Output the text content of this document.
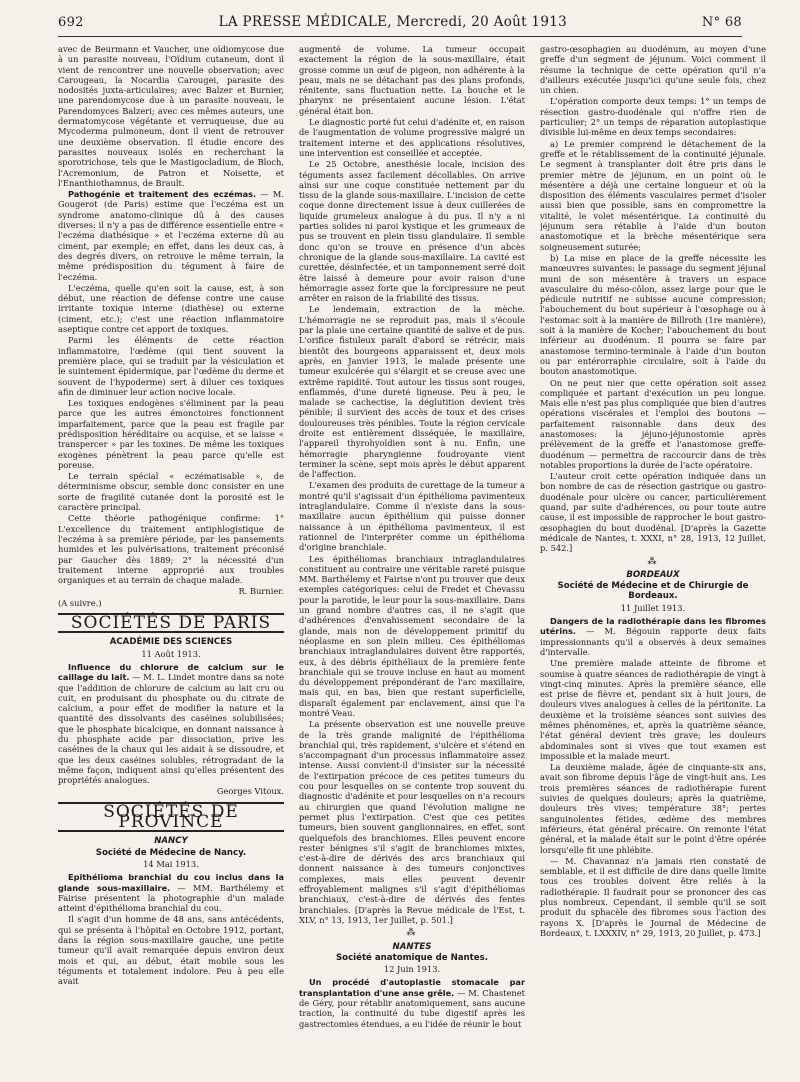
692	LA PRESSE MÉDICALE, Mercredi, 20 Août 1913	N° 68

avec de Beurmann et Vaucher, une oïdiomycose due à un parasite nouveau, l'Oïdium cutaneum, dont il vient de rencontrer une nouvelle observation; avec Carougeau, la Nocardia Carougei, parasite des nodosités juxta-articulaires; avec Balzer et Burnier, une parendomycose due à un parasite nouveau, le Parendomyces Balzeri; avec ces mêmes auteurs, une dermatomycose végétante et verruqueuse, due au Mycoderma pulmoneum, dont il vient de retrouver une deuxième observation. Il étudie encore des parasites nouveaux isolés en recherchant la sporotrichose, tels que le Mastigocladium, de Bloch, l'Acremonium, de Patron et Noisette, et l'Enanthiothamnus, de Brault.

Pathogénie et traitement des eczémas. — M. Gougerot (de Paris) estime que l'eczéma est un syndrome anatomo-clinique dû à des causes diverses: il n'y a pas de différence essentielle entre « l'eczéma diathésique » et l'eczéma externe dû au ciment, par exemple; en effet, dans les deux cas, à des degrés divers, on retrouve le même terrain, la même prédisposition du tégument à faire de l'eczéma.

L'eczéma, quelle qu'en soit la cause, est, à son début, une réaction de défense contre une cause irritante toxique interne (diathèse) ou externe (ciment, etc.); c'est une réaction inflammatoire aseptique contre cet apport de toxiques.

Parmi les éléments de cette réaction inflammatoire, l'œdème (qui tient souvent la première place, qui se traduit par la vésiculation et le suintement épidermique, par l'œdème du derme et souvent de l'hypoderme) sert à diluer ces toxiques afin de diminuer leur action nocive locale.

Les toxiques endogènes s'éliminent par la peau parce que les autres émonctoires fonctionnent imparfaitement, parce que la peau est fragile par prédisposition héréditaire ou acquise, et se laisse « transpercer » par les toxines. De même les toxiques exogènes pénètrent la peau parce qu'elle est poreuse.

Le terrain spécial « eczématisable », de déterminisme obscur, semble donc consister en une sorte de fragilité cutanée dont la porosité est le caractère principal.

Cette théorie pathogénique confirme: 1° L'excellence du traitement antiphlogistique de l'eczéma à sa première période, par les pansements humides et les pulvérisations, traitement préconisé par Gaucher dès 1889; 2° la nécessité d'un traitement interne approprié aux troubles organiques et au terrain de chaque malade.

R. Burnier.

(A suivre.)

SOCIÉTÉS DE PARIS
ACADÉMIE DES SCIENCES
11 Août 1913.

Influence du chlorure de calcium sur le caillage du lait. — M. L. Lindet montre dans sa note que l'addition de chlorure de calcium au lait cru ou cuit, en produisant du phosphate ou du citrate de calcium, a pour effet de modifier la nature et la quantité des dissolvants des caséines solubilisées; que le phosphate bicalcique, en donnant naissance à du phosphate acide par dissociation, prive les caséines de la chaux qui les aidait à se dissoudre, et que les deux caséines solubles, rétrogradant de la même façon, indiquent ainsi qu'elles présentent des propriétés analogues.

Georges Vitoux.

SOCIÉTÉS DE PROVINCE
NANCY
Société de Médecine de Nancy.
14 Mai 1913.

Epithélioma branchial du cou inclus dans la glande sous-maxillaire. — MM. Barthélemy et Fairise présentent la photographie d'un malade atteint d'épithélioma branchial du cou.

Il s'agit d'un homme de 48 ans, sans antécédents, qui se présenta à l'hôpital en Octobre 1912, portant, dans la région sous-maxillaire gauche, une petite tumeur qu'il avait remarquée depuis environ deux mois et qui, au début, était mobile sous les téguments et totalement indolore. Peu à peu elle avait

augmenté de volume. La tumeur occupait exactement la région de la sous-maxillaire, était grosse comme un œuf de pigeon, non adhérente à la peau, mais ne se détachant pas des plans profonds, rénitente, sans fluctuation nette. La bouche et le pharynx ne présentaient aucune lésion. L'état général était bon.

Le diagnostic porté fut celui d'adénite et, en raison de l'augmentation de volume progressive malgré un traitement interne et des applications résolutives, une intervention est conseillée et acceptée.

Le 25 Octobre, anesthésie locale, incision des téguments assez facilement décollables. On arrive ainsi sur une coque constituée nettement par du tissu de la glande sous-maxillaire. L'incision de cette coque donne directement issue à deux cuillerées de liquide grumeleux analogue à du pus. Il n'y a ni parties solides ni paroi kystique et les grumeaux de pus se trouvent en plein tissu glandulaire. Il semble donc qu'on se trouve en présence d'un abcès chronique de la glande sous-maxillaire. La cavité est curettée, désinfectée, et un tamponnement serré doit être laissé à demeure pour avoir raison d'une hémorragie assez forte que la forcipressure ne peut arrêter en raison de la friabilité des tissus.

Le lendemain, extraction de la mèche. L'hémorragie ne se reproduit pas, mais il s'écoule par la plaie une certaine quantité de salive et de pus. L'orifice fistuleux paraît d'abord se rétrécir, mais bientôt des bourgeons apparaissent et, deux mois après, en Janvier 1913, le malade présente une tumeur exulcérée qui s'élargit et se creuse avec une extrême rapidité. Tout autour les tissus sont rouges, enflammés, d'une dureté ligneuse. Peu à peu, le malade se cachectise, la déglutition devient très pénible; il survient des accès de toux et des crises douloureuses très pénibles. Toute la région cervicale droite est entièrement disséquée, le maxillaire, l'appareil thyrohyoïdien sont à nu. Enfin, une hémorragie pharyngienne foudroyante vient terminer la scène, sept mois après le début apparent de l'affection.

L'examen des produits de curettage de la tumeur a montré qu'il s'agissait d'un épithélioma pavimenteux intraglandulaire. Comme il n'existe dans la sous-maxillaire aucun épithélium qui puisse donner naissance à un épithélioma pavimenteux, il est rationnel de l'interpréter comme un épithélioma d'origine branchiale.

Les épithéliomas branchiaux intraglandulaires constituent au contraire une véritable rareté puisque MM. Barthélemy et Fairise n'ont pu trouver que deux exemples catégoriques: celui de Fredet et Chevassu pour la parotide, le leur pour la sous-maxillaire. Dans un grand nombre d'autres cas, il ne s'agit que d'adhérences d'envahissement secondaire de la glande, mais non de développement primitif du néoplasme en son plein milieu. Ces épithéliomas branchiaux intraglandulaires doivent être rapportés, eux, à des débris épithéliaux de la première fente branchiale qui se trouve incluse en haut au moment du développement prépondérant de l'arc maxillaire, mais qui, en bas, bien que restant superficielle, disparaît également par enclavement, ainsi que l'a montré Veau.

La présente observation est une nouvelle preuve de la très grande malignité de l'épithélioma branchial qui, très rapidement, s'ulcère et s'étend en s'accompagnant d'un processus inflammatoire assez intense. Aussi convient-il d'insister sur la nécessité de l'extirpation précoce de ces petites tumeurs du cou pour lesquelles on se contente trop souvent du diagnostic d'adénite et pour lesquelles on n'a recours au chirurgien que quand l'évolution maligne ne permet plus l'extirpation. C'est que ces petites tumeurs, bien souvent ganglionnaires, en effet, sont quelquefois des branchiomes. Elles peuvent encore rester bénignes s'il s'agit de branchiomes mixtes, c'est-à-dire de dérivés des arcs branchiaux qui donnent naissance à des tumeurs conjonctives complexes, mais elles peuvent devenir effroyablement malignes s'il s'agit d'épithéliomas branchiaux, c'est-à-dire de dérivés des fentes branchiales. [D'après la Revue médicale de l'Est, t. XLV, n° 13, 1913, 1er Juillet, p. 501.]

⁂
NANTES
Société anatomique de Nantes.
12 Juin 1913.

Un procédé d'autoplastie stomacale par transplantation d'une anse grêle. — M. Chastenet de Géry, pour rétablir anatomiquement, sans aucune traction, la continuité du tube digestif après les gastrectomies étendues, a eu l'idée de réunir le bout

gastro-œsophagien au duodénum, au moyen d'une greffe d'un segment de jéjunum. Voici comment il résume la technique de cette opération qu'il n'a d'ailleurs exécutée jusqu'ici qu'une seule fois, chez un chien.

L'opération comporte deux temps: 1° un temps de résection gastro-duodénale qui n'offre rien de particulier; 2° un temps de réparation autoplastique divisible lui-même en deux temps secondaires:

a) Le premier comprend le détachement de la greffe et le rétablissement de la continuité jéjunale. Le segment à transplanter doit être pris dans le premier mètre de jéjunum, en un point où le mésentère a déjà une certaine longueur et où la disposition des éléments vasculaires permet d'isoler aussi bien que possible, sans en compromettre la vitalité, le volet mésentérique. La continuité du jéjunum sera rétablie à l'aide d'un bouton anastomotique et la brèche mésentérique sera soigneusement suturée;

b) La mise en place de la greffe nécessite les manœuvres suivantes: le passage du segment jéjunal muni de son mésentère à travers un espace avasculaire du méso-côlon, assez large pour que le pédicule nutritif ne subisse aucune compression; l'abouchement du bout supérieur à l'œsophage ou à l'estomac soit à la manière de Billroth (1re manière), soit à la manière de Kocher; l'abouchement du bout inférieur au duodénum. Il pourra se faire par anastomose termino-terminale à l'aide d'un bouton ou par entérorraphie circulaire, soit à l'aide du bouton anastomotique.

On ne peut nier que cette opération soit assez compliquée et partant d'exécution un peu longue. Mais elle n'est pas plus compliquée que bien d'autres opérations viscérales et l'emploi des boutons — parfaitement raisonnable dans deux des anastomoses: la jéjuno-jéjunostomie après prélèvement de la greffe et l'anastomose greffe-duodénum — permettra de raccourcir dans de très notables proportions la durée de l'acte opératoire.

L'auteur croit cette opération indiquée dans un bon nombre de cas de résection gastrique ou gastro-duodénale pour ulcère ou cancer, particulièrement quand, par suite d'adhérences, ou pour toute autre cause, il est impossible de rapprocher le bout gastro-œsophagien du bout duodénal. [D'après la Gazette médicale de Nantes, t. XXXI, n° 28, 1913, 12 Juillet, p. 542.]

⁂
BORDEAUX
Société de Médecine et de Chirurgie de Bordeaux.
11 Juillet 1913.

Dangers de la radiothérapie dans les fibromes utérins. — M. Bégouin rapporte deux faits impressionnants qu'il a observés à deux semaines d'intervalle.

Une première malade atteinte de fibrome et soumise à quatre séances de radiothérapie de vingt à vingt-cinq minutes. Après la première séance, elle est prise de fièvre et, pendant six à huit jours, de douleurs vives analogues à celles de la péritonite. La deuxième et la troisième séances sont suivies des mêmes phénomènes, et, après la quatrième séance, l'état général devient très grave; les douleurs abdominales sont si vives que tout examen est impossible et la malade meurt.

La deuxième malade, âgée de cinquante-six ans, avait son fibrome depuis l'âge de vingt-huit ans. Les trois premières séances de radiothérapie furent suivies de quelques douleurs; après la quatrième, douleurs très vives; température 38°; pertes sanguinolentes fétides, œdème des membres inférieurs, état général précaire. On remonte l'état général, et la malade était sur le point d'être opérée lorsqu'elle fit une phlébite.

— M. Chavannaz n'a jamais rien constaté de semblable, et il est difficile de dire dans quelle limite tous ces troubles doivent être reliés à la radiothérapie. Il faudrait pour se prononcer des cas plus nombreux. Cependant, il semble qu'il se soit produit du sphacèle des fibromes sous l'action des rayons X. [D'après le Journal de Médecine de Bordeaux, t. LXXXIV, n° 29, 1913, 20 Juillet, p. 473.]
